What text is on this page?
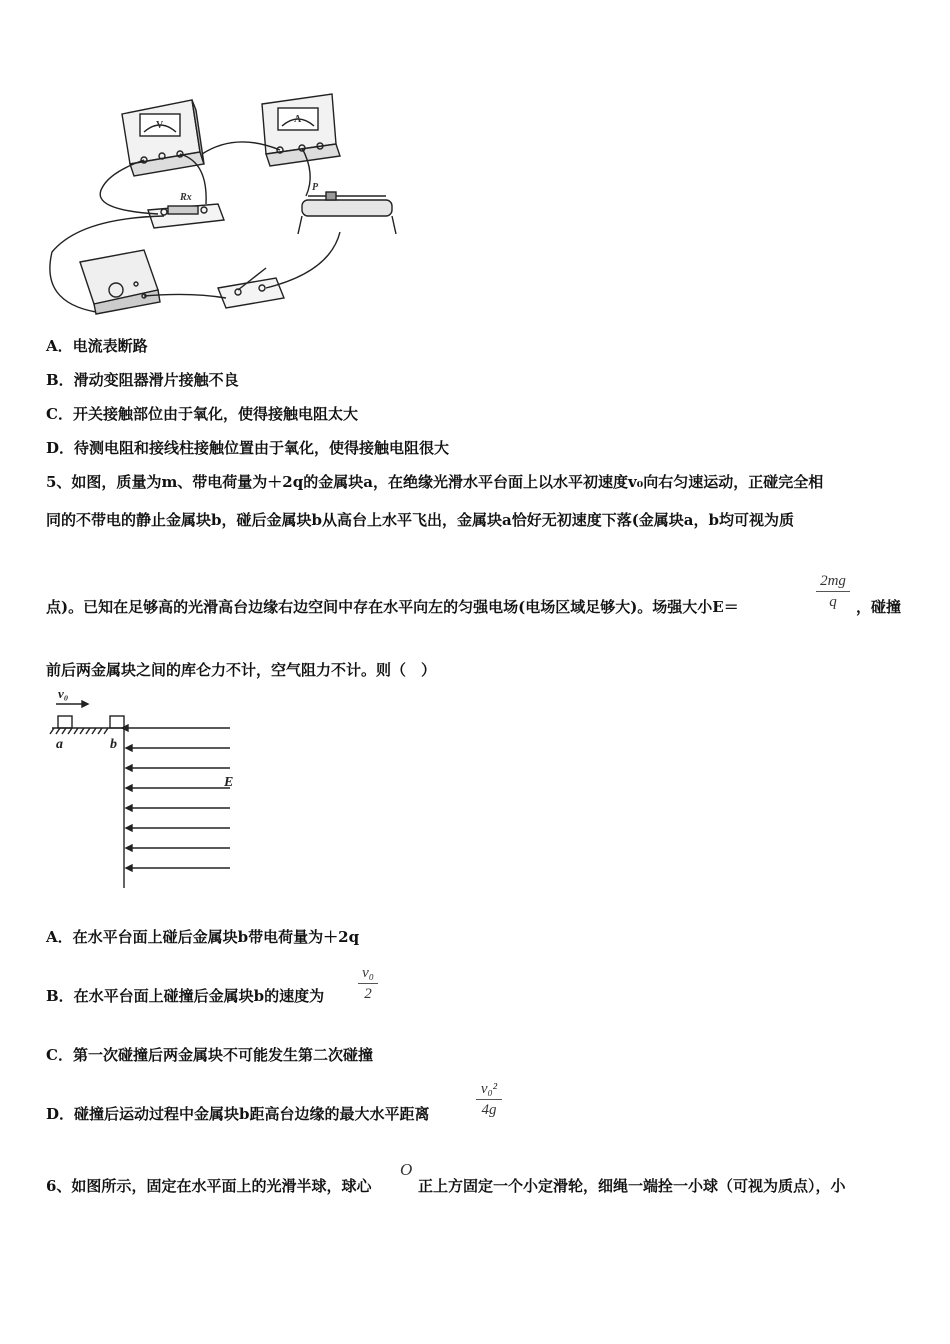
Rx
P
V
A
A．电流表断路
B．滑动变阻器滑片接触不良
C．开关接触部位由于氧化，使得接触电阻太大
D．待测电阻和接线柱接触位置由于氧化，使得接触电阻很大
5、如图，质量为m、带电荷量为＋2q的金属块a，在绝缘光滑水平台面上以水平初速度v₀向右匀速运动，正碰完全相
同的不带电的静止金属块b，碰后金属块b从高台上水平飞出，金属块a恰好无初速度下落(金属块a，b均可视为质
点)。已知在足够高的光滑高台边缘右边空间中存在水平向左的匀强电场(电场区域足够大)。场强大小E＝
2mg
q	，碰撞
前后两金属块之间的库仑力不计，空气阻力不计。则（　）
v₀
a	b
E
A．在水平台面上碰后金属块b带电荷量为＋2q
B．在水平台面上碰撞后金属块b的速度为
v₀
2
C．第一次碰撞后两金属块不可能发生第二次碰撞
D．碰撞后运动过程中金属块b距高台边缘的最大水平距离
v₀²
4g
6、如图所示，固定在水平面上的光滑半球，球心
O
正上方固定一个小定滑轮，细绳一端拴一小球（可视为质点），小
